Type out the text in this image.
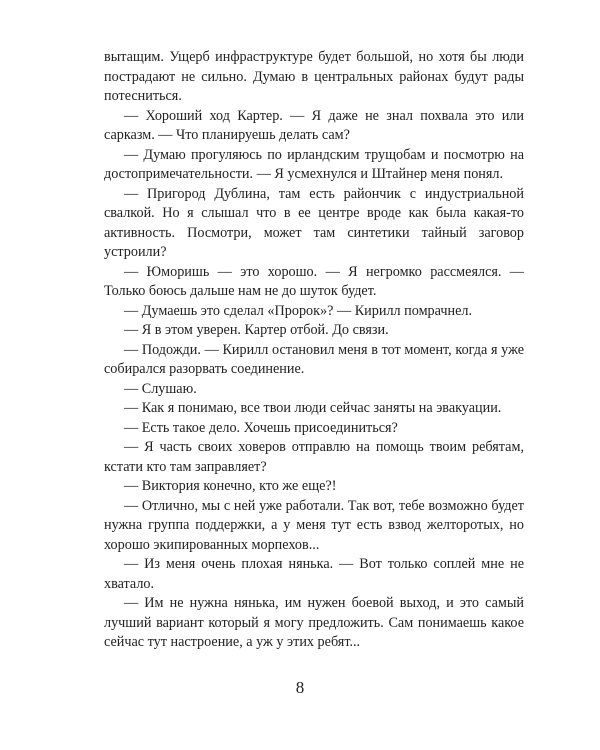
вытащим. Ущерб инфраструктуре будет большой, но хотя бы люди пострадают не сильно. Думаю в центральных районах будут рады потесниться.

— Хороший ход Картер. — Я даже не знал похвала это или сарказм. — Что планируешь делать сам?

— Думаю прогуляюсь по ирландским трущобам и посмотрю на достопримечательности. — Я усмехнулся и Штайнер меня понял.

— Пригород Дублина, там есть райончик с индустриальной свалкой. Но я слышал что в ее центре вроде как была какая-то активность. Посмотри, может там синтетики тайный заговор устроили?

— Юморишь — это хорошо. — Я негромко рассмеялся. — Только боюсь дальше нам не до шуток будет.

— Думаешь это сделал «Пророк»? — Кирилл помрачнел.

— Я в этом уверен. Картер отбой. До связи.

— Подожди. — Кирилл остановил меня в тот момент, когда я уже собирался разорвать соединение.

— Слушаю.

— Как я понимаю, все твои люди сейчас заняты на эвакуации.

— Есть такое дело. Хочешь присоединиться?

— Я часть своих ховеров отправлю на помощь твоим ребятам, кстати кто там заправляет?

— Виктория конечно, кто же еще?!

— Отлично, мы с ней уже работали. Так вот, тебе возможно будет нужна группа поддержки, а у меня тут есть взвод желторотых, но хорошо экипированных морпехов...

— Из меня очень плохая нянька. — Вот только соплей мне не хватало.

— Им не нужна нянька, им нужен боевой выход, и это самый лучший вариант который я могу предложить. Сам понимаешь какое сейчас тут настроение, а уж у этих ребят...

8
